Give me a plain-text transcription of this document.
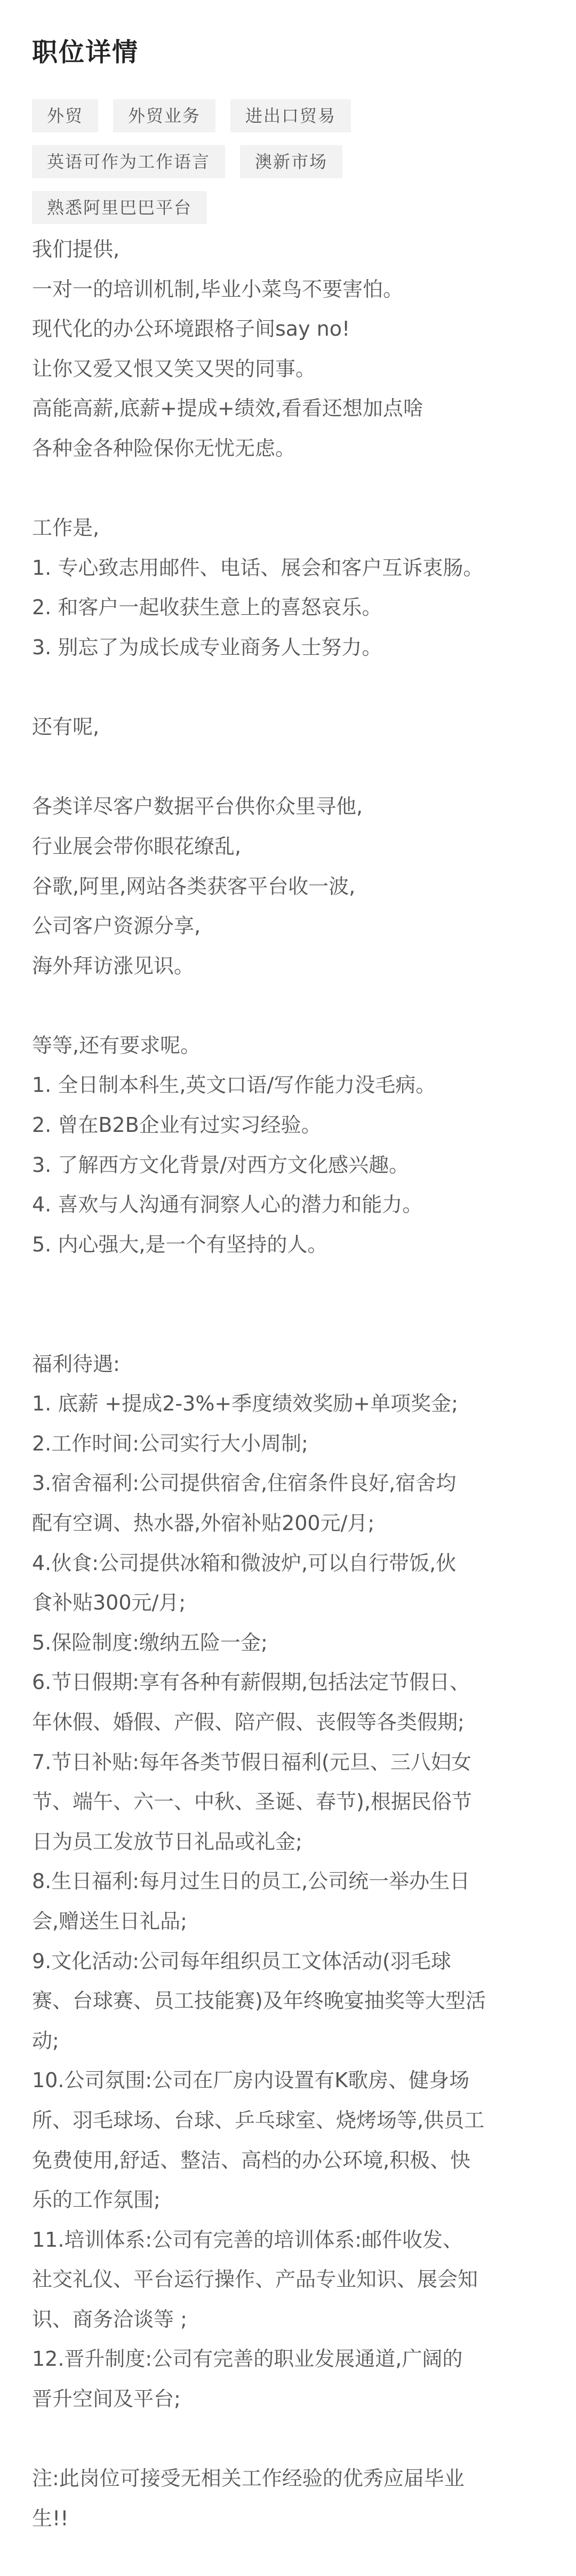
职位详情
外贸	外贸业务	进出口贸易
英语可作为工作语言	澳新市场
熟悉阿里巴巴平台
我们提供,
一对一的培训机制,毕业小菜鸟不要害怕。
现代化的办公环境跟格子间say no!
让你又爱又恨又笑又哭的同事。
高能高薪,底薪+提成+绩效,看看还想加点啥
各种金各种险保你无忧无虑。
工作是,
1. 专心致志用邮件、电话、展会和客户互诉衷肠。
2. 和客户一起收获生意上的喜怒哀乐。
3. 别忘了为成长成专业商务人士努力。
还有呢,
各类详尽客户数据平台供你众里寻他,
行业展会带你眼花缭乱,
谷歌,阿里,网站各类获客平台收一波,
公司客户资源分享,
海外拜访涨见识。
等等,还有要求呢。
1. 全日制本科生,英文口语/写作能力没毛病。
2. 曾在B2B企业有过实习经验。
3. 了解西方文化背景/对西方文化感兴趣。
4. 喜欢与人沟通有洞察人心的潜力和能力。
5. 内心强大,是一个有坚持的人。
福利待遇:
1. 底薪 +提成2-3%+季度绩效奖励+单项奖金;
2.工作时间:公司实行大小周制;
3.宿舍福利:公司提供宿舍,住宿条件良好,宿舍均
配有空调、热水器,外宿补贴200元/月;
4.伙食:公司提供冰箱和微波炉,可以自行带饭,伙
食补贴300元/月;
5.保险制度:缴纳五险一金;
6.节日假期:享有各种有薪假期,包括法定节假日、
年休假、婚假、产假、陪产假、丧假等各类假期;
7.节日补贴:每年各类节假日福利(元旦、三八妇女
节、端午、六一、中秋、圣诞、春节),根据民俗节
日为员工发放节日礼品或礼金;
8.生日福利:每月过生日的员工,公司统一举办生日
会,赠送生日礼品;
9.文化活动:公司每年组织员工文体活动(羽毛球
赛、台球赛、员工技能赛)及年终晚宴抽奖等大型活
动;
10.公司氛围:公司在厂房内设置有K歌房、健身场
所、羽毛球场、台球、乒乓球室、烧烤场等,供员工
免费使用,舒适、整洁、高档的办公环境,积极、快
乐的工作氛围;
11.培训体系:公司有完善的培训体系:邮件收发、
社交礼仪、平台运行操作、产品专业知识、展会知
识、商务洽谈等 ;
12.晋升制度:公司有完善的职业发展通道,广阔的
晋升空间及平台;
注:此岗位可接受无相关工作经验的优秀应届毕业
生!!
